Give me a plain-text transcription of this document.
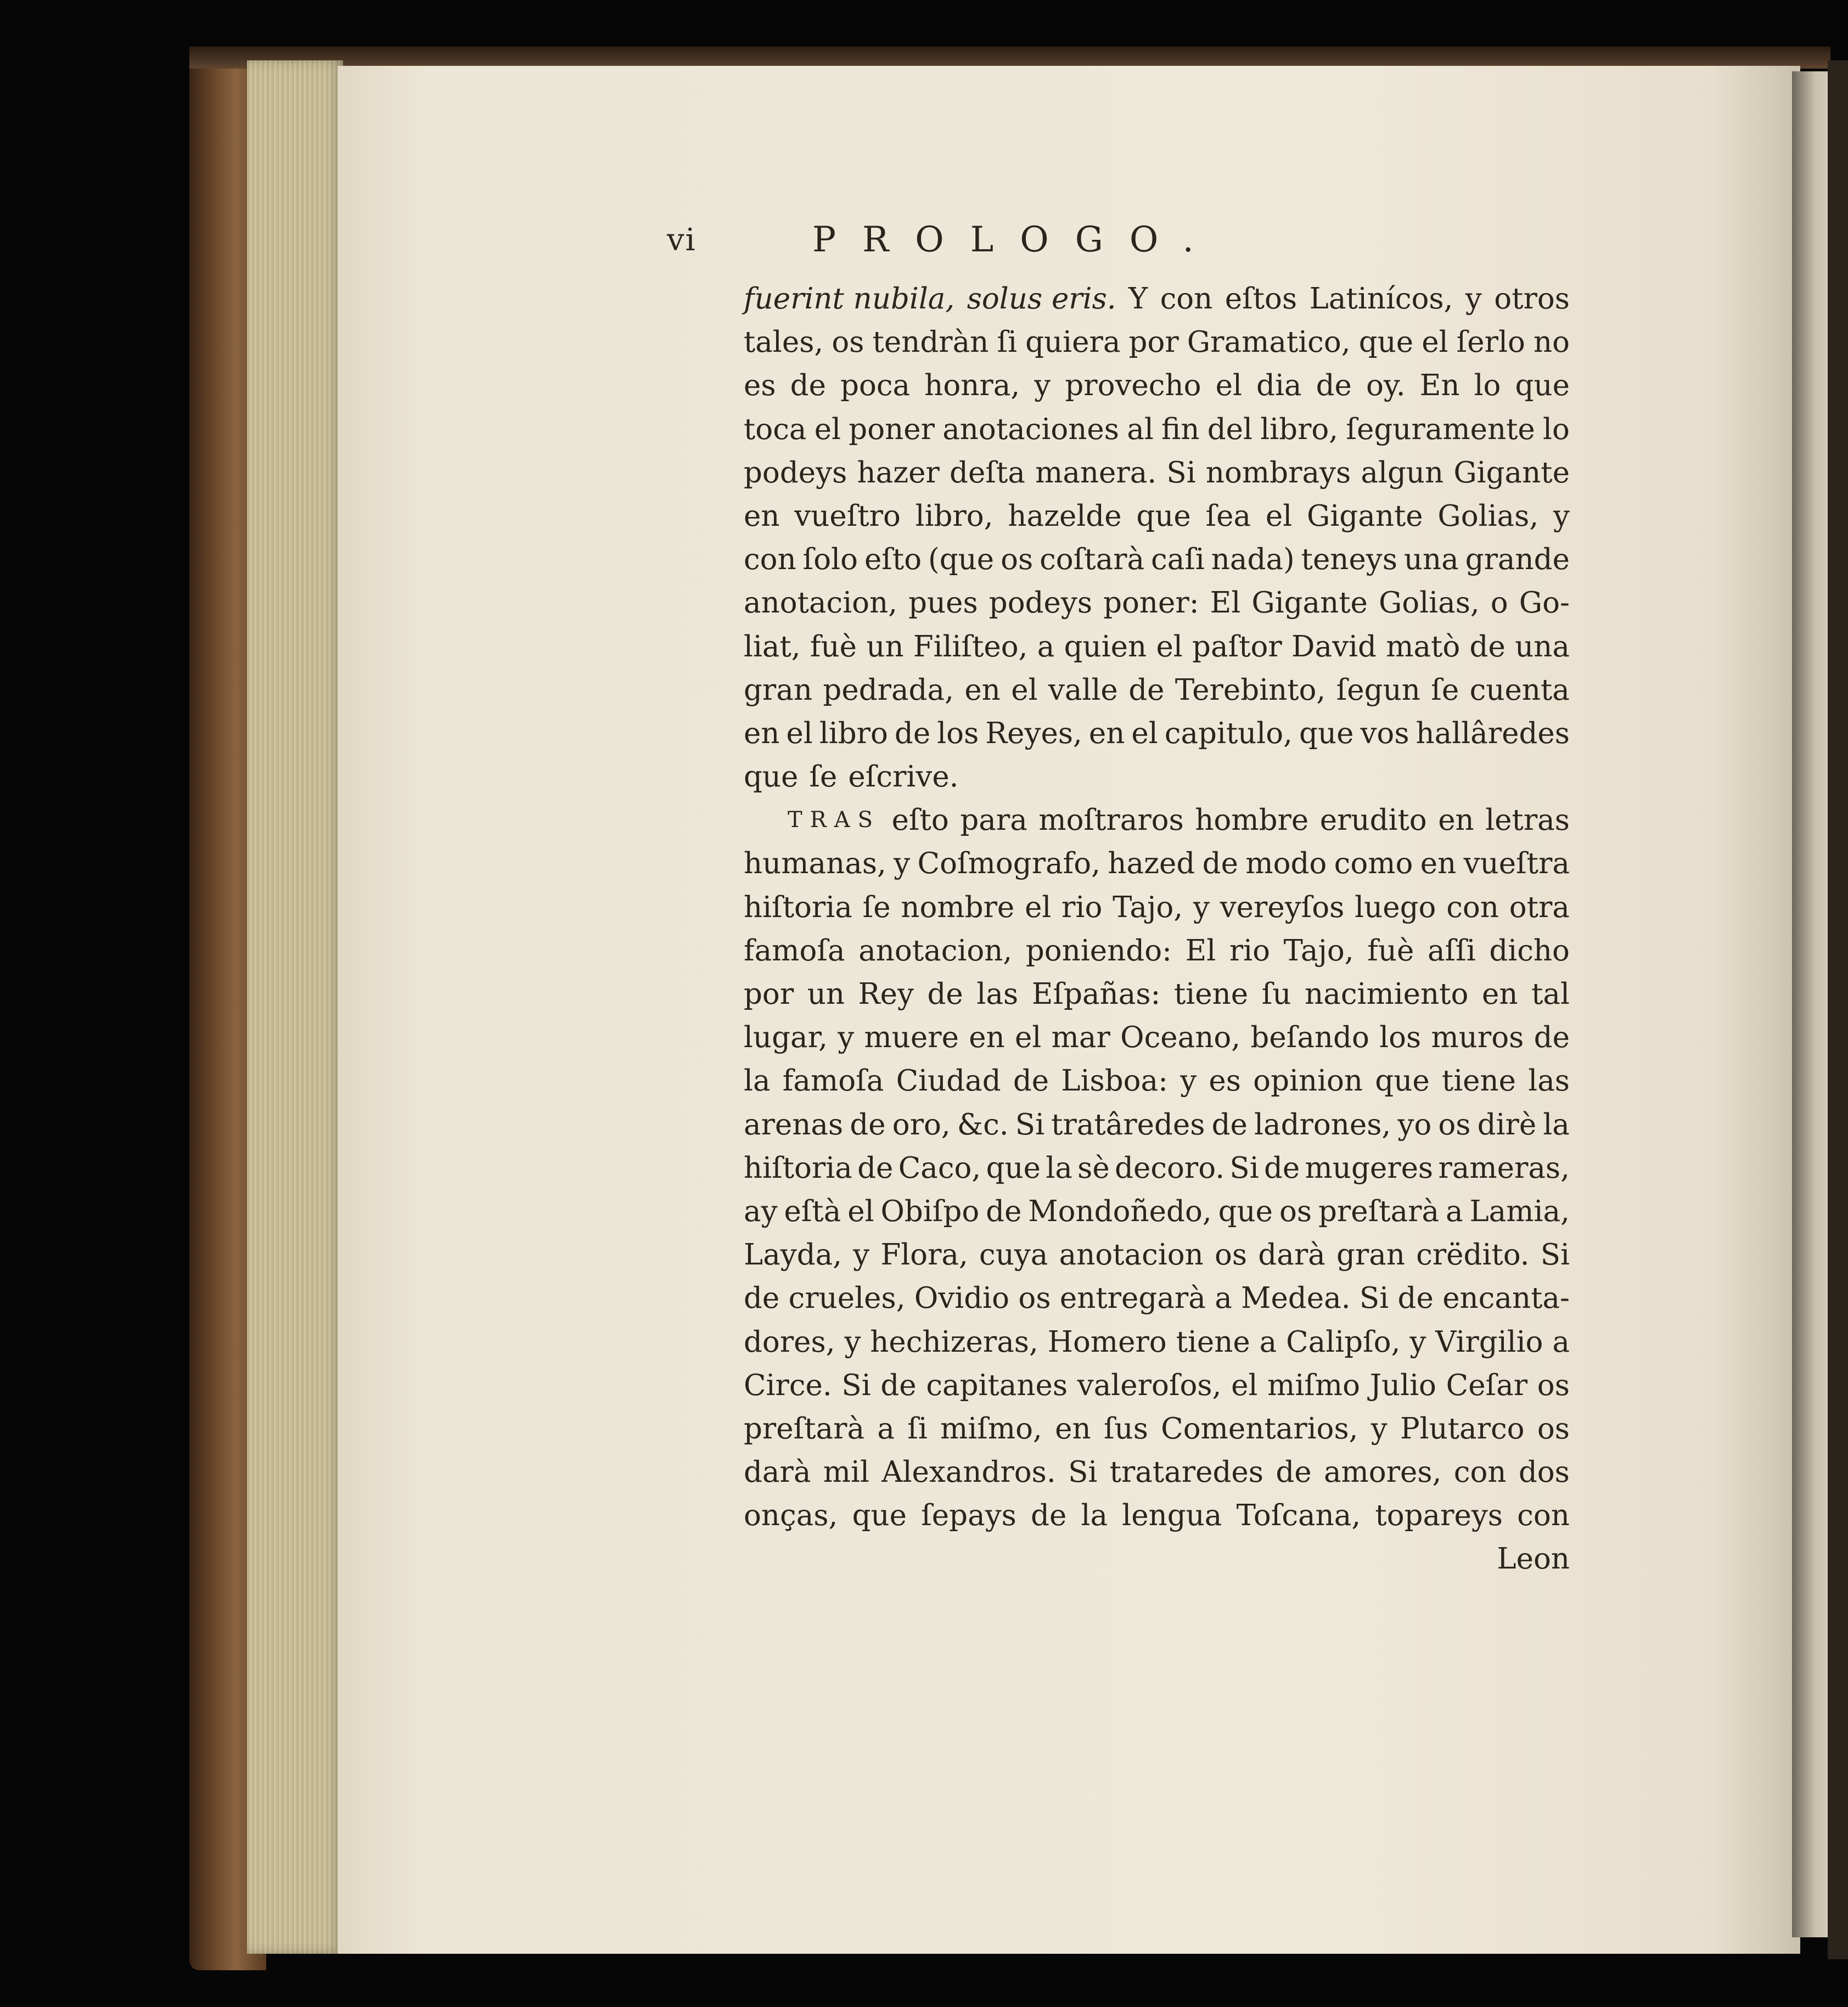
vi	PROLOGO.
fuerint nubila, solus eris. Y con eſtos Latinícos, y otros
tales, os tendràn ſi quiera por Gramatico, que el ſerlo no
es de poca honra, y provecho el dia de oy. En lo que
toca el poner anotaciones al fin del libro, ſeguramente lo
podeys hazer deſta manera. Si nombrays algun Gigante
en vueſtro libro, hazelde que ſea el Gigante Golias, y
con ſolo eſto (que os coſtarà caſi nada) teneys una grande
anotacion, pues podeys poner: El Gigante Golias, o Go-
liat, fuè un Filiſteo, a quien el paſtor David matò de una
gran pedrada, en el valle de Terebinto, ſegun ſe cuenta
en el libro de los Reyes, en el capitulo, que vos hallâredes
que ſe eſcrive.
TRAS eſto para moſtraros hombre erudito en letras
humanas, y Coſmografo, hazed de modo como en vueſtra
hiſtoria ſe nombre el rio Tajo, y vereyſos luego con otra
famoſa anotacion, poniendo: El rio Tajo, fuè aſſi dicho
por un Rey de las Eſpañas: tiene ſu nacimiento en tal
lugar, y muere en el mar Oceano, beſando los muros de
la famoſa Ciudad de Lisboa: y es opinion que tiene las
arenas de oro, &c. Si tratâredes de ladrones, yo os dirè la
hiſtoria de Caco, que la sè decoro. Si de mugeres rameras,
ay eſtà el Obiſpo de Mondoñedo, que os preſtarà a Lamia,
Layda, y Flora, cuya anotacion os darà gran crëdito. Si
de crueles, Ovidio os entregarà a Medea. Si de encanta-
dores, y hechizeras, Homero tiene a Calipſo, y Virgilio a
Circe. Si de capitanes valeroſos, el miſmo Julio Ceſar os
preſtarà a ſi miſmo, en ſus Comentarios, y Plutarco os
darà mil Alexandros. Si trataredes de amores, con dos
onças, que ſepays de la lengua Toſcana, topareys con
Leon
